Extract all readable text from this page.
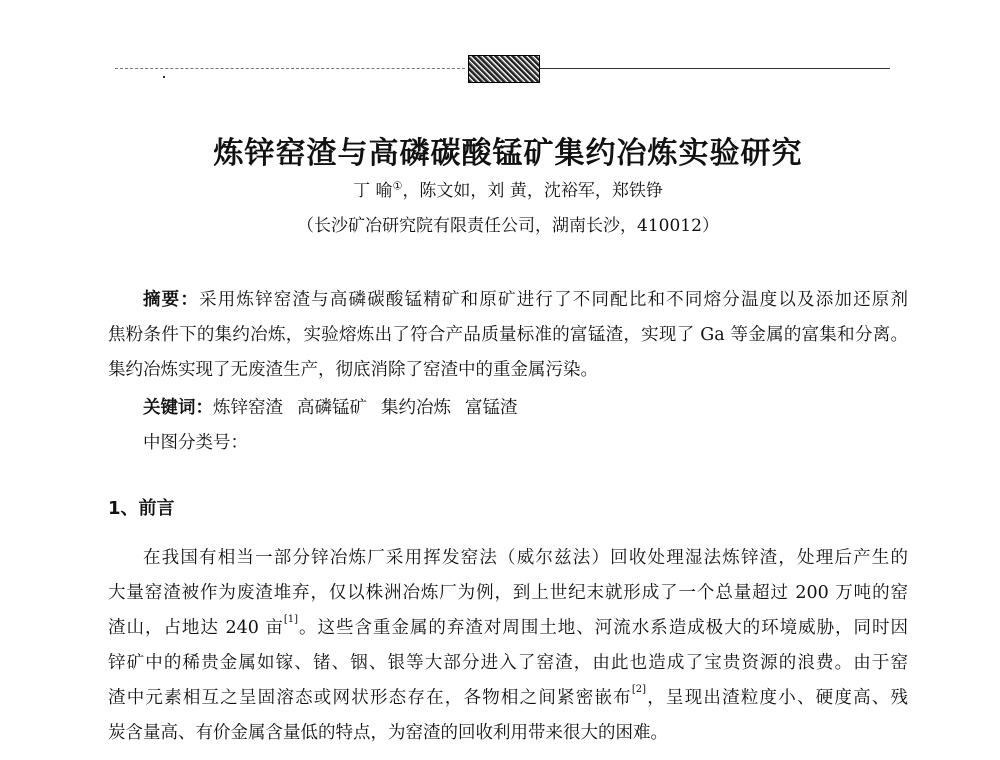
炼锌窑渣与高磷碳酸锰矿集约冶炼实验研究
丁 喻①，陈文如，刘 黄，沈裕军，郑铁铮
（长沙矿冶研究院有限责任公司，湖南长沙，410012）
摘要：采用炼锌窑渣与高磷碳酸锰精矿和原矿进行了不同配比和不同熔分温度以及添加还原剂
焦粉条件下的集约冶炼，实验熔炼出了符合产品质量标准的富锰渣，实现了 Ga 等金属的富集和分离。
集约冶炼实现了无废渣生产，彻底消除了窑渣中的重金属污染。
关键词：炼锌窑渣 高磷锰矿 集约冶炼 富锰渣
中图分类号：
1、前言
在我国有相当一部分锌冶炼厂采用挥发窑法（威尔兹法）回收处理湿法炼锌渣，处理后产生的
大量窑渣被作为废渣堆弃，仅以株洲冶炼厂为例，到上世纪末就形成了一个总量超过 200 万吨的窑
渣山，占地达 240 亩[1]。这些含重金属的弃渣对周围土地、河流水系造成极大的环境威胁，同时因
锌矿中的稀贵金属如镓、锗、铟、银等大部分进入了窑渣，由此也造成了宝贵资源的浪费。由于窑
渣中元素相互之呈固溶态或网状形态存在，各物相之间紧密嵌布[2]，呈现出渣粒度小、硬度高、残
炭含量高、有价金属含量低的特点，为窑渣的回收利用带来很大的困难。
